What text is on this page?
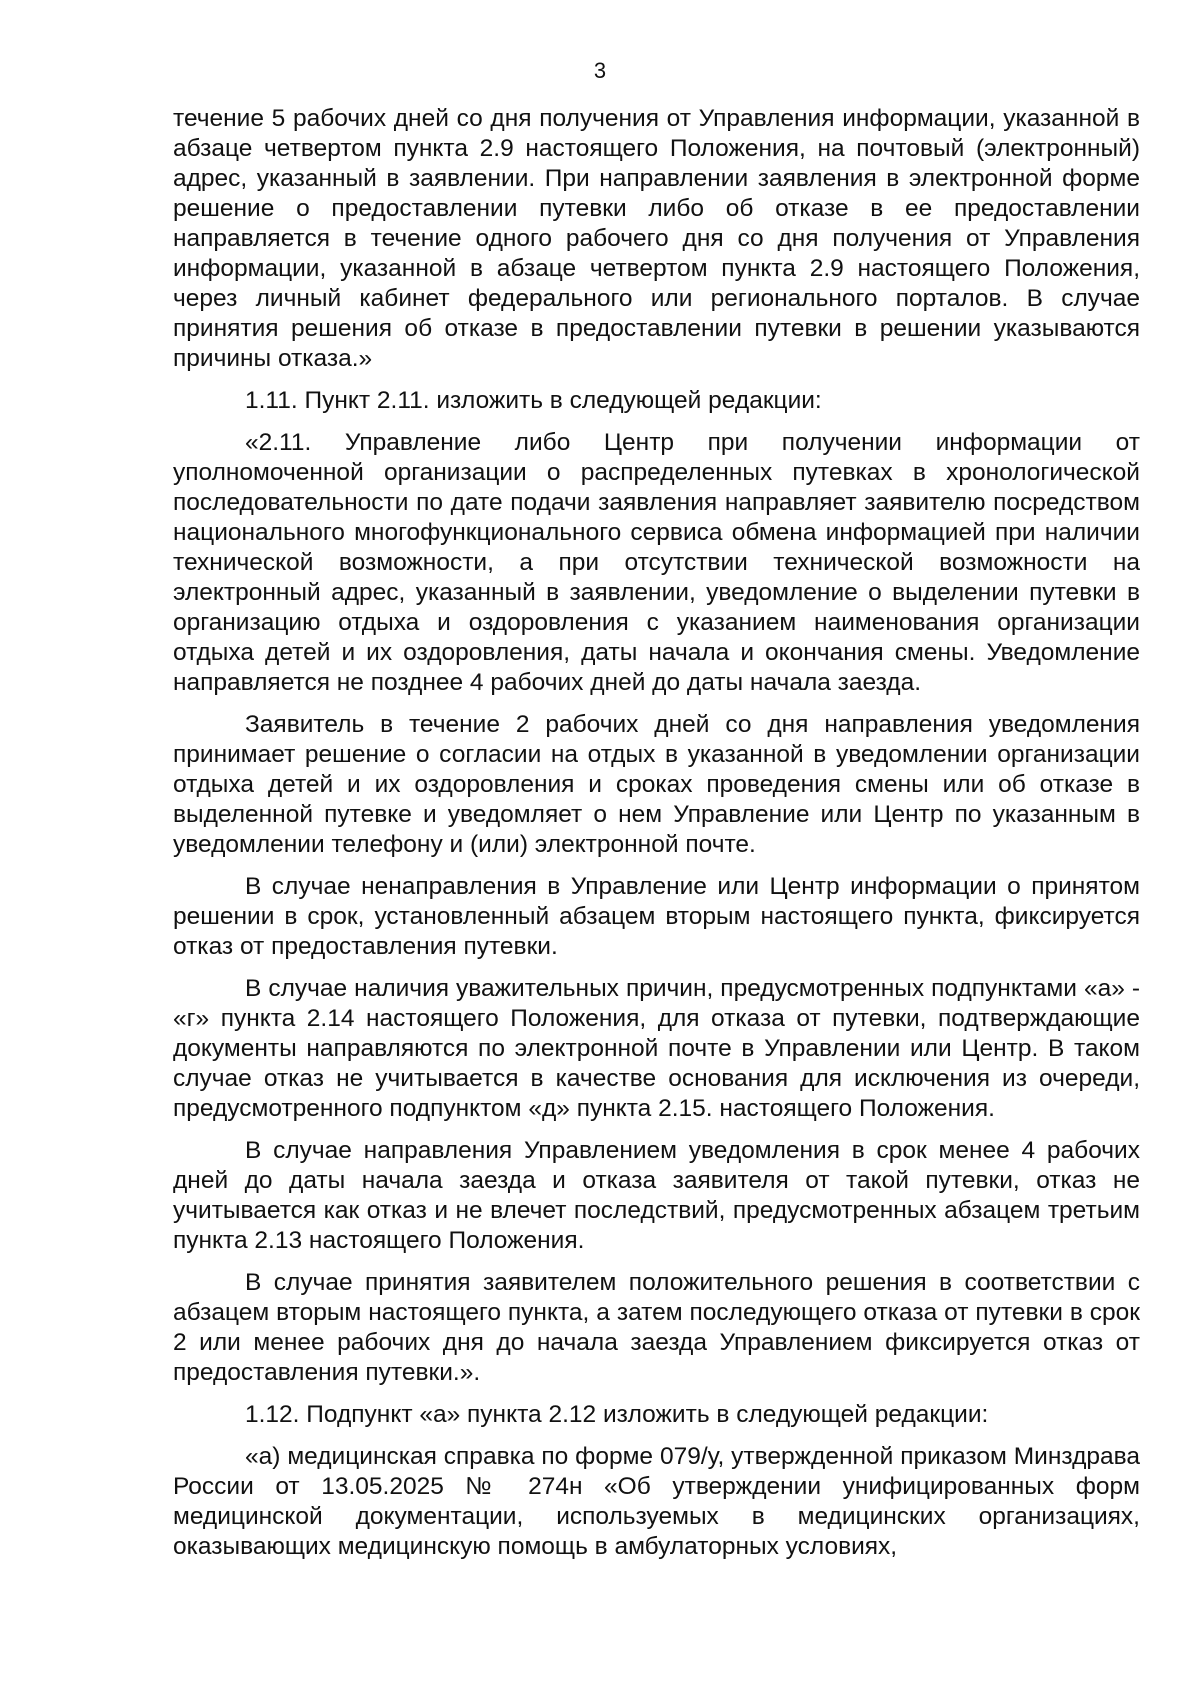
3

течение 5 рабочих дней со дня получения от Управления информации, указанной в абзаце четвертом пункта 2.9 настоящего Положения, на почтовый (электронный) адрес, указанный в заявлении. При направлении заявления в электронной форме решение о предоставлении путевки либо об отказе в ее предоставлении направляется в течение одного рабочего дня со дня получения от Управления информации, указанной в абзаце четвертом пункта 2.9 настоящего Положения, через личный кабинет федерального или регионального порталов. В случае принятия решения об отказе в предоставлении путевки в решении указываются причины отказа.»

1.11. Пункт 2.11. изложить в следующей редакции:

«2.11. Управление либо Центр при получении информации от уполномоченной организации о распределенных путевках в хронологической последовательности по дате подачи заявления направляет заявителю посредством национального многофункционального сервиса обмена информацией при наличии технической возможности, а при отсутствии технической возможности на электронный адрес, указанный в заявлении, уведомление о выделении путевки в организацию отдыха и оздоровления с указанием наименования организации отдыха детей и их оздоровления, даты начала и окончания смены. Уведомление направляется не позднее 4 рабочих дней до даты начала заезда.

Заявитель в течение 2 рабочих дней со дня направления уведомления принимает решение о согласии на отдых в указанной в уведомлении организации отдыха детей и их оздоровления и сроках проведения смены или об отказе в выделенной путевке и уведомляет о нем Управление или Центр по указанным в уведомлении телефону и (или) электронной почте.

В случае ненаправления в Управление или Центр информации о принятом решении в срок, установленный абзацем вторым настоящего пункта, фиксируется отказ от предоставления путевки.

В случае наличия уважительных причин, предусмотренных подпунктами «а» - «г» пункта 2.14 настоящего Положения, для отказа от путевки, подтверждающие документы направляются по электронной почте в Управлении или Центр. В таком случае отказ не учитывается в качестве основания для исключения из очереди, предусмотренного подпунктом «д» пункта 2.15. настоящего Положения.

В случае направления Управлением уведомления в срок менее 4 рабочих дней до даты начала заезда и отказа заявителя от такой путевки, отказ не учитывается как отказ и не влечет последствий, предусмотренных абзацем третьим пункта 2.13 настоящего Положения.

В случае принятия заявителем положительного решения в соответствии с абзацем вторым настоящего пункта, а затем последующего отказа от путевки в срок 2 или менее рабочих дня до начала заезда Управлением фиксируется отказ от предоставления путевки.».

1.12. Подпункт «а» пункта 2.12 изложить в следующей редакции:

«а) медицинская справка по форме 079/у, утвержденной приказом Минздрава России от 13.05.2025 № 274н «Об утверждении унифицированных форм медицинской документации, используемых в медицинских организациях, оказывающих медицинскую помощь в амбулаторных условиях,
